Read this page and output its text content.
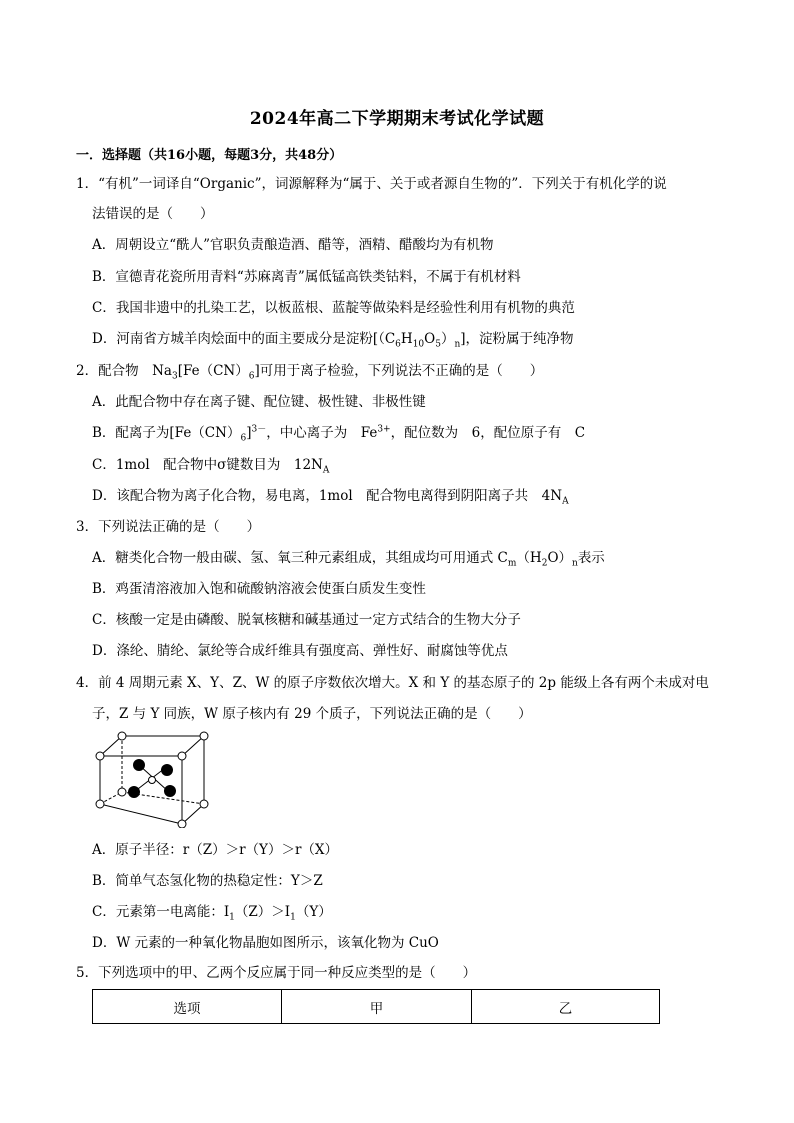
2024年高二下学期期末考试化学试题
一．选择题（共16小题，每题3分，共48分）
1．“有机”一词译自“Organic”，词源解释为“属于、关于或者源自生物的”．下列关于有机化学的说
法错误的是（　　）
A．周朝设立“酰人”官职负责酿造酒、醋等，酒精、醋酸均为有机物
B．宣德青花瓷所用青料“苏麻离青”属低锰高铁类钴料，不属于有机材料
C．我国非遗中的扎染工艺，以板蓝根、蓝靛等做染料是经验性利用有机物的典范
D．河南省方城羊肉烩面中的面主要成分是淀粉$[(C_6H_{10}O_5)_n]$，淀粉属于纯净物
2．配合物　$Na_3[Fe(CN)_6]$可用于离子检验，下列说法不正确的是（　　）
A．此配合物中存在离子键、配位键、极性键、非极性键
B．配离子为$[Fe(CN)_6]^{3-}$，中心离子为　$Fe^{3+}$，配位数为　6，配位原子有　C
C．1mol　配合物中σ键数目为　$12N_A$
D．该配合物为离子化合物，易电离，1mol　配合物电离得到阴阳离子共　$4N_A$
3．下列说法正确的是（　　）
A．糖类化合物一般由碳、氢、氧三种元素组成，其组成均可用通式 $C_m(H_2O)_n$表示
B．鸡蛋清溶液加入饱和硫酸钠溶液会使蛋白质发生变性
C．核酸一定是由磷酸、脱氧核糖和碱基通过一定方式结合的生物大分子
D．涤纶、腈纶、氯纶等合成纤维具有强度高、弹性好、耐腐蚀等优点
4．前 4 周期元素 X、Y、Z、W 的原子序数依次增大。X 和 Y 的基态原子的 2p 能级上各有两个未成对电
子，Z 与 Y 同族，W 原子核内有 29 个质子，下列说法正确的是（　　）
A．原子半径：r（Z）＞r（Y）＞r（X）
B．简单气态氢化物的热稳定性：Y＞Z
C．元素第一电离能：$I_1(Z)>I_1(Y)$
D．W 元素的一种氧化物晶胞如图所示，该氧化物为 CuO
5．下列选项中的甲、乙两个反应属于同一种反应类型的是（　　）
选项	甲	乙
